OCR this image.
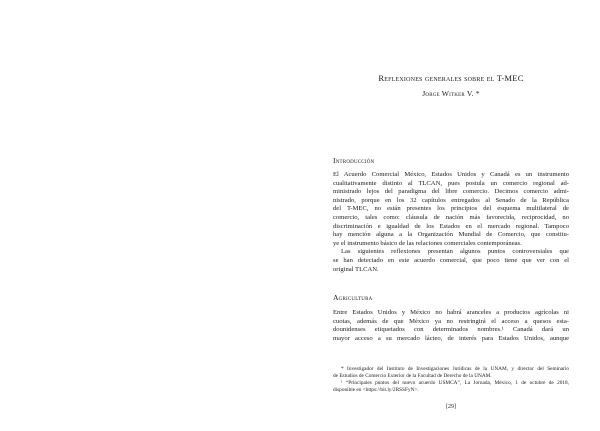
Reflexiones generales sobre el T-MEC
Jorge Witker V. *
Introducción
El Acuerdo Comercial México, Estados Unidos y Canadá es un instrumento
cualitativamente distinto al TLCAN, pues postula un comercio regional ad-
ministrado lejos del paradigma del libre comercio. Decimos comercio admi-
nistrado, porque en los 32 capítulos entregados al Senado de la República
del T-MEC, no están presentes los principios del esquema multilateral de
comercio, tales como: cláusula de nación más favorecida, reciprocidad, no
discriminación e igualdad de los Estados en el mercado regional. Tampoco
hay mención alguna a la Organización Mundial de Comercio, que constitu-
ye el instrumento básico de las relaciones comerciales contemporáneas.
Las siguientes reflexiones presentan algunos puntos controversiales que
se han detectado en este acuerdo comercial, que poco tiene que ver con el
original TLCAN.
Agricultura
Entre Estados Unidos y México no habrá aranceles a productos agrícolas ni
cuotas, además de que México ya no restringirá el acceso a quesos esta-
dounidenses etiquetados con determinados nombres.¹ Canadá dará un
mayor acceso a su mercado lácteo, de interés para Estados Unidos, aunque
* Investigador del Instituto de Investigaciones Jurídicas de la UNAM, y director del Seminario
de Estudios de Comercio Exterior de la Facultad de Derecho de la UNAM.
¹ “Principales puntos del nuevo acuerdo USMCA”, La Jornada, México, 1 de octubre de 2018,
disponible en <https://bit.ly/2RSSFyN>.
[29]
